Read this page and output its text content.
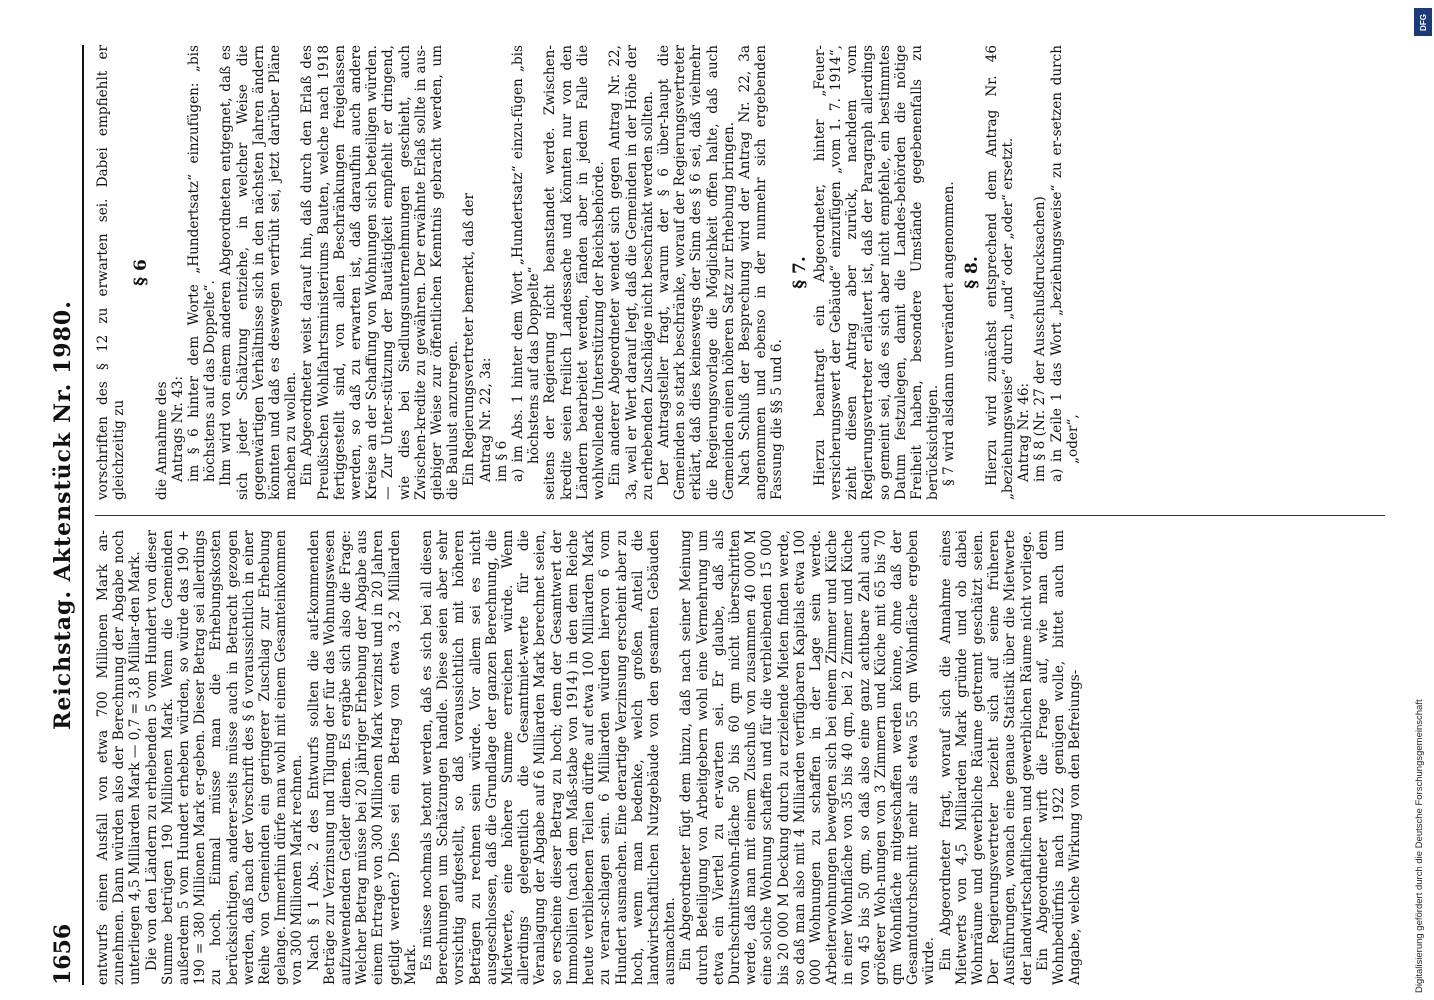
1656
Reichstag. Aktenstück Nr. 1980.

entwurfs einen Ausfall von etwa 700 Millionen Mark an-zunehmen. Dann würden also der Berechnung der Abgabe noch unterliegen 4,5 Milliarden Mark — 0,7 = 3,8 Milliar-den Mark. Die von den Ländern zu erhebenden 5 vom Hundert von dieser Summe betrügen 190 Millionen Mark. Wenn die Gemeinden außerdem 5 vom Hundert erheben würden, so würde das 190 + 190 = 380 Millionen Mark er-geben. Dieser Betrag sei allerdings zu hoch. Einmal müsse man die Erhebungskosten berücksichtigen, anderer-seits müsse auch in Betracht gezogen werden, daß nach der Vorschrift des § 6 voraussichtlich in einer Reihe von Gemeinden ein geringerer Zuschlag zur Erhebung gelange. Immerhin dürfe man wohl mit einem Gesamteinkommen von 300 Millionen Mark rechnen. Nach § 1 Abs. 2 des Entwurfs sollten die auf-kommenden Beträge zur Verzinsung und Tilgung der für das Wohnungswesen aufzuwendenden Gelder dienen. Es ergäbe sich also die Frage: Welcher Betrag müsse bei 20 jähriger Erhebung der Abgabe aus einem Ertrage von 300 Millionen Mark verzinst und in 20 Jahren getilgt werden? Dies sei ein Betrag von etwa 3,2 Milliarden Mark. Es müsse nochmals betont werden, daß es sich bei all diesen Berechnungen um Schätzungen handle. Diese seien aber sehr vorsichtig aufgestellt, so daß voraussichtlich mit höheren Beträgen zu rechnen sein würde. Vor allem sei es nicht ausgeschlossen, daß die Grundlage der ganzen Berechnung, die Mietwerte, eine höhere Summe erreichen würde. Wenn allerdings gelegentlich die Gesamtmiet-werte für die Veranlagung der Abgabe auf 6 Milliarden Mark berechnet seien, so erscheine dieser Betrag zu hoch; denn der Gesamtwert der Immobilien (nach dem Maß-stabe von 1914) in den dem Reiche heute verbliebenen Teilen dürfte auf etwa 100 Milliarden Mark zu veran-schlagen sein. 6 Milliarden würden hiervon 6 vom Hundert ausmachen. Eine derartige Verzinsung erscheint aber zu hoch, wenn man bedenke, welch großen Anteil die landwirtschaftlichen Nutzgebäude von den gesamten Gebäuden ausmachten. Ein Abgeordneter fügt dem hinzu, daß nach seiner Meinung durch Beteiligung von Arbeitgebern wohl eine Vermehrung um etwa ein Viertel zu er-warten sei. Er glaube, daß als Durchschnittswohn-fläche 50 bis 60 qm nicht überschritten werde, daß man mit einem Zuschuß von zusammen 40 000 M eine solche Wohnung schaffen und für die verbleibenden 15 000 bis 20 000 M Deckung durch zu erzielende Mieten finden werde, so daß man also mit 4 Milliarden verfügbaren Kapitals etwa 100 000 Wohnungen zu schaffen in der Lage sein werde. Arbeiterwohnungen bewegten sich bei einem Zimmer und Küche in einer Wohnfläche von 35 bis 40 qm, bei 2 Zimmer und Küche von 45 bis 50 qm, so daß also eine ganz achtbare Zahl auch größerer Woh-nungen von 3 Zimmern und Küche mit 65 bis 70 qm Wohnfläche mitgeschaffen werden könne, ohne daß der Gesamtdurchschnitt mehr als etwa 55 qm Wohnfläche ergeben würde. Ein Abgeordneter fragt, worauf sich die Annahme eines Mietwerts von 4,5 Milliarden Mark gründe und ob dabei Wohnräume und gewerbliche Räume getrennt geschätzt seien. Der Regierungsvertreter bezieht sich auf seine früheren Ausführungen, wonach eine genaue Statistik über die Mietwerte der landwirtschaftlichen und gewerblichen Räume nicht vorliege. Ein Abgeordneter wirft die Frage auf, wie man dem Wohnbedürfnis nach 1922 genügen wolle, bittet auch um Angabe, welche Wirkung von den Befreiungs-

vorschriften des § 12 zu erwarten sei. Dabei empfiehlt er gleichzeitig zu

§ 6

die Annahme des Antrags Nr. 43: im § 6 hinter dem Worte „Hundertsatz“ einzufügen: „bis höchstens auf das Doppelte“. Ihm wird von einem anderen Abgeordneten entgegnet, daß es sich jeder Schätzung entziehe, in welcher Weise die gegenwärtigen Verhältnisse sich in den nächsten Jahren ändern könnten und daß es deswegen verfrüht sei, jetzt darüber Pläne machen zu wollen. Ein Abgeordneter weist darauf hin, daß durch den Erlaß des Preußischen Wohlfahrtsministeriums Bauten, welche nach 1918 fertiggestellt sind, von allen Beschränkungen freigelassen werden, so daß zu erwarten ist, daß daraufhin auch andere Kreise an der Schaffung von Wohnungen sich beteiligen würden. — Zur Unter-stützung der Bautätigkeit empfiehlt er dringend, wie dies bei Siedlungsunternehmungen geschieht, auch Zwischen-kredite zu gewähren. Der erwähnte Erlaß sollte in aus-giebiger Weise zur öffentlichen Kenntnis gebracht werden, um die Baulust anzuregen. Ein Regierungsvertreter bemerkt, daß der Antrag Nr. 22, 3a: im § 6 a) im Abs. 1 hinter dem Wort „Hundertsatz“ einzu-fügen „bis höchstens auf das Doppelte“ seitens der Regierung nicht beanstandet werde. Zwischen-kredite seien freilich Landessache und könnten nur von den Ländern bearbeitet werden, fänden aber in jedem Falle die wohlwollende Unterstützung der Reichsbehörde. Ein anderer Abgeordneter wendet sich gegen Antrag Nr. 22, 3a, weil er Wert darauf legt, daß die Gemeinden in der Höhe der zu erhebenden Zuschläge nicht beschränkt werden sollten. Der Antragsteller fragt, warum der § 6 über-haupt die Gemeinden so stark beschränke, worauf der Regierungsvertreter erklärt, daß dies keineswegs der Sinn des § 6 sei, daß vielmehr die Regierungsvorlage die Möglichkeit offen halte, daß auch Gemeinden einen höheren Satz zur Erhebung bringen. Nach Schluß der Besprechung wird der Antrag Nr. 22, 3a angenommen und ebenso in der nunmehr sich ergebenden Fassung die §§ 5 und 6.

§ 7. Hierzu beantragt ein Abgeordneter, hinter „Feuer-versicherungswert der Gebäude“ einzufügen „vom 1. 7. 1914“, zieht diesen Antrag aber zurück, nachdem vom Regierungsvertreter erläutert ist, daß der Paragraph allerdings so gemeint sei, daß es sich aber nicht empfehle, ein bestimmtes Datum festzulegen, damit die Landes-behörden die nötige Freiheit haben, besondere Umstände gegebenenfalls zu berücksichtigen. § 7 wird alsdann unverändert angenommen. § 8. Hierzu wird zunächst entsprechend dem Antrag Nr. 46 „beziehungsweise“ durch „und“ oder „oder“ ersetzt. Antrag Nr. 46: im § 8 (Nr. 27 der Ausschußdrucksachen) a) in Zeile 1 das Wort „beziehungsweise“ zu er-setzen durch „oder“,

Digitalisierung gefördert durch die Deutsche Forschungsgemeinschaft
DFG
